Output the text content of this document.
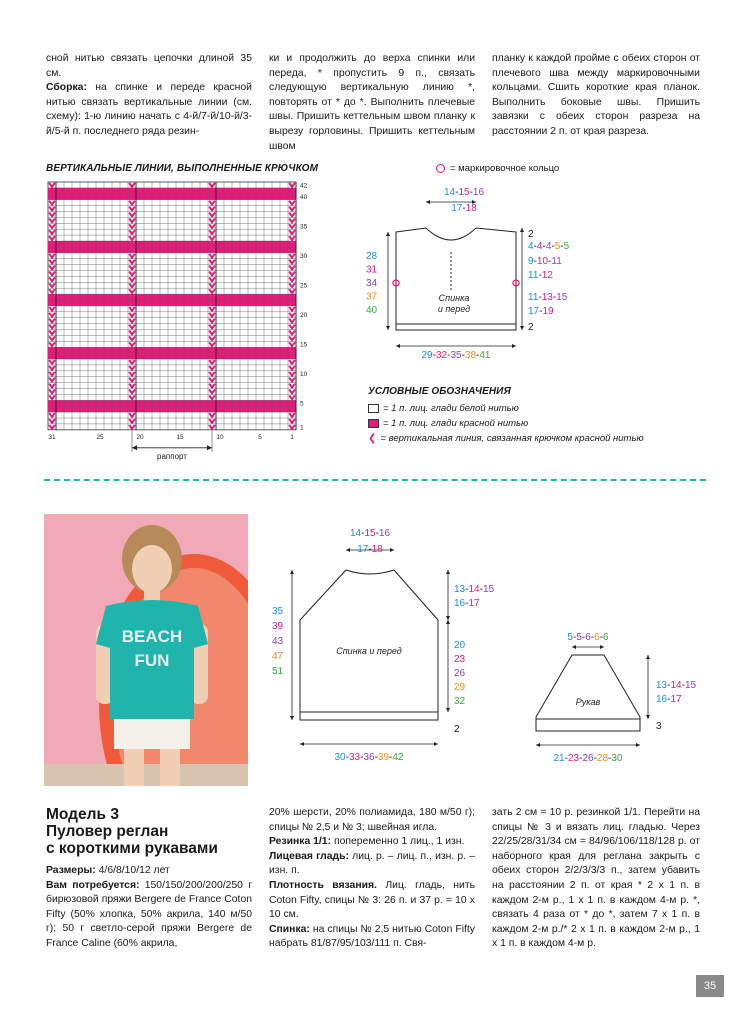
сной нитью связать цепочки длиной 35 см.

Сборка: на спинке и переде красной нитью связать вертикальные линии (см. схему): 1-ю линию начать с 4-й/7-й/10-й/3-й/5-й п. последнего ряда резин-

ки и продолжить до верха спинки или переда, * пропустить 9 п., связать следующую вертикальную линию *, повторять от * до *. Выполнить плечевые швы. Пришить кеттельным швом планку к вырезу горловины. Пришить кеттельным швом

планку к каждой пройме с обеих сторон от плечевого шва между маркировочными кольцами. Сшить короткие края планок. Выполнить боковые швы. Пришить завязки с обеих сторон разреза на расстоянии 2 п. от края разреза.

ВЕРТИКАЛЬНЫЕ ЛИНИИ, ВЫПОЛНЕННЫЕ КРЮЧКОМ
42
40
35
30
25
20
15
10
5
1
31	25	20	15	10	5	1
раппорт
= маркировочное кольцо
14-15-16
17-18
28
31
34
37
40
Спинка
и перед
2
4-4-4-5-5
9-10-11
11-12
11-13-15
17-19
2
29-32-35-38-41
УСЛОВНЫЕ ОБОЗНАЧЕНИЯ
= 1 п. лиц. глади белой нитью
= 1 п. лиц. глади красной нитью
❮ = вертикальная линия, связанная крючком красной нитью
BEACH
FUN
14-15-16
17-18
35
39
43
47
51
Спинка и перед
13-14-15
16-17
20
23
26
29
32
2
30-33-36-39-42
5-5-6-6-6
Рукав
13-14-15
16-17
3
21-23-26-28-30
Модель 3
Пуловер реглан
с короткими рукавами

Размеры: 4/6/8/10/12 лет

Вам потребуется: 150/150/200/200/250 г бирюзовой пряжи Bergere de France Coton Fifty (50% хлопка, 50% акрила, 140 м/50 г); 50 г светло-серой пряжи Bergere de France Caline (60% акрила,

20% шерсти, 20% полиамида, 180 м/50 г); спицы № 2,5 и № 3; швейная игла.

Резинка 1/1: попеременно 1 лиц., 1 изн.

Лицевая гладь: лиц. р. – лиц. п., изн. р. – изн. п.

Плотность вязания. Лиц. гладь, нить Coton Fifty, спицы № 3: 26 п. и 37 р. = 10 х 10 см.

Спинка: на спицы № 2,5 нитью Coton Fifty набрать 81/87/95/103/111 п. Свя-

зать 2 см = 10 р. резинкой 1/1. Перейти на спицы № 3 и вязать лиц. гладью. Через 22/25/28/31/34 см = 84/96/106/118/128 р. от наборного края для реглана закрыть с обеих сторон 2/2/3/3/3 п., затем убавить на расстоянии 2 п. от края * 2 х 1 п. в каждом 2-м р., 1 х 1 п. в каждом 4-м р. *, связать 4 раза от * до *, затем 7 х 1 п. в каждом 2-м р./* 2 х 1 п. в каждом 2-м р., 1 х 1 п. в каждом 4-м р.

35
